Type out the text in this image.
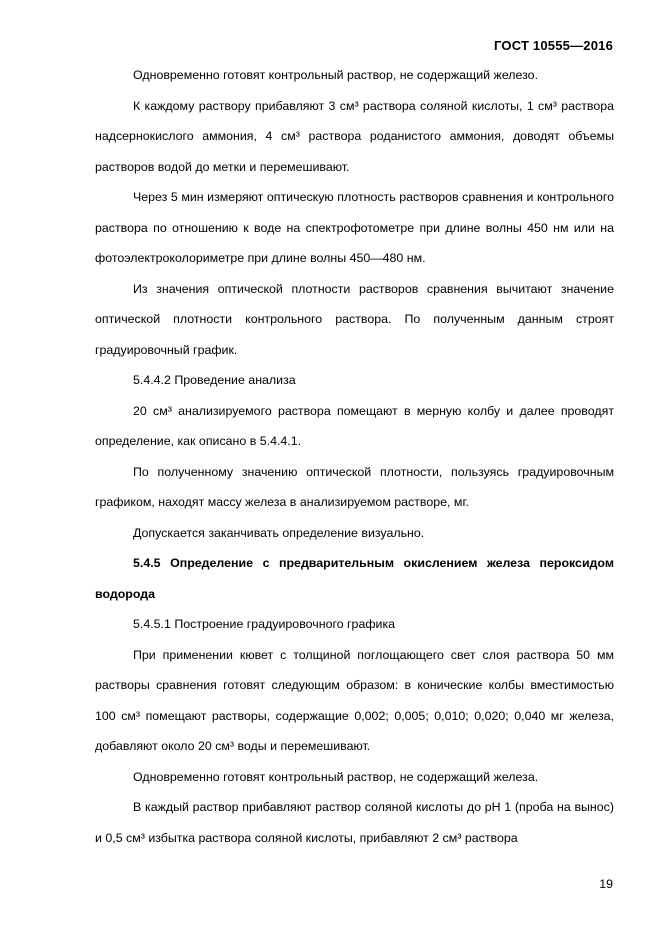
ГОСТ 10555—2016

Одновременно готовят контрольный раствор, не содержащий железо.

К каждому раствору прибавляют 3 см³ раствора соляной кислоты, 1 см³ раствора надсернокислого аммония, 4 см³ раствора роданистого аммония, доводят объемы растворов водой до метки и перемешивают.

Через 5 мин измеряют оптическую плотность растворов сравнения и контрольного раствора по отношению к воде на спектрофотометре при длине волны 450 нм или на фотоэлектроколориметре при длине волны 450—480 нм.

Из значения оптической плотности растворов сравнения вычитают значение оптической плотности контрольного раствора. По полученным данным строят градуировочный график.

5.4.4.2 Проведение анализа

20 см³ анализируемого раствора помещают в мерную колбу и далее проводят определение, как описано в 5.4.4.1.

По полученному значению оптической плотности, пользуясь градуировочным графиком, находят массу железа в анализируемом растворе, мг.

Допускается заканчивать определение визуально.

5.4.5 Определение с предварительным окислением железа пероксидом водорода

5.4.5.1 Построение градуировочного графика

При применении кювет с толщиной поглощающего свет слоя раствора 50 мм растворы сравнения готовят следующим образом: в конические колбы вместимостью 100 см³ помещают растворы, содержащие 0,002; 0,005; 0,010; 0,020; 0,040 мг железа, добавляют около 20 см³ воды и перемешивают.

Одновременно готовят контрольный раствор, не содержащий железа.

В каждый раствор прибавляют раствор соляной кислоты до pH 1 (проба на вынос) и 0,5 см³ избытка раствора соляной кислоты, прибавляют 2 см³ раствора

19
